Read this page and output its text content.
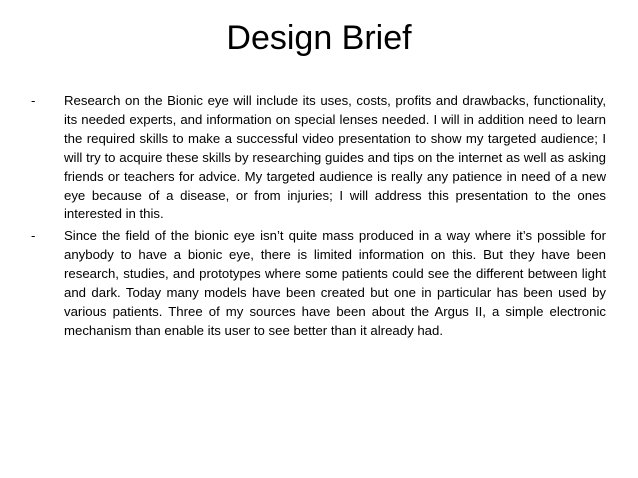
Design Brief
- Research on the Bionic eye will include its uses, costs, profits and drawbacks, functionality, its needed experts, and information on special lenses needed. I will in addition need to learn the required skills to make a successful video presentation to show my targeted audience; I will try to acquire these skills by researching guides and tips on the internet as well as asking friends or teachers for advice. My targeted audience is really any patience in need of a new eye because of a disease, or from injuries; I will address this presentation to the ones interested in this.
- Since the field of the bionic eye isn’t quite mass produced in a way where it’s possible for anybody to have a bionic eye, there is limited information on this. But they have been research, studies, and prototypes where some patients could see the different between light and dark. Today many models have been created but one in particular has been used by various patients. Three of my sources have been about the Argus II, a simple electronic mechanism than enable its user to see better than it already had.
